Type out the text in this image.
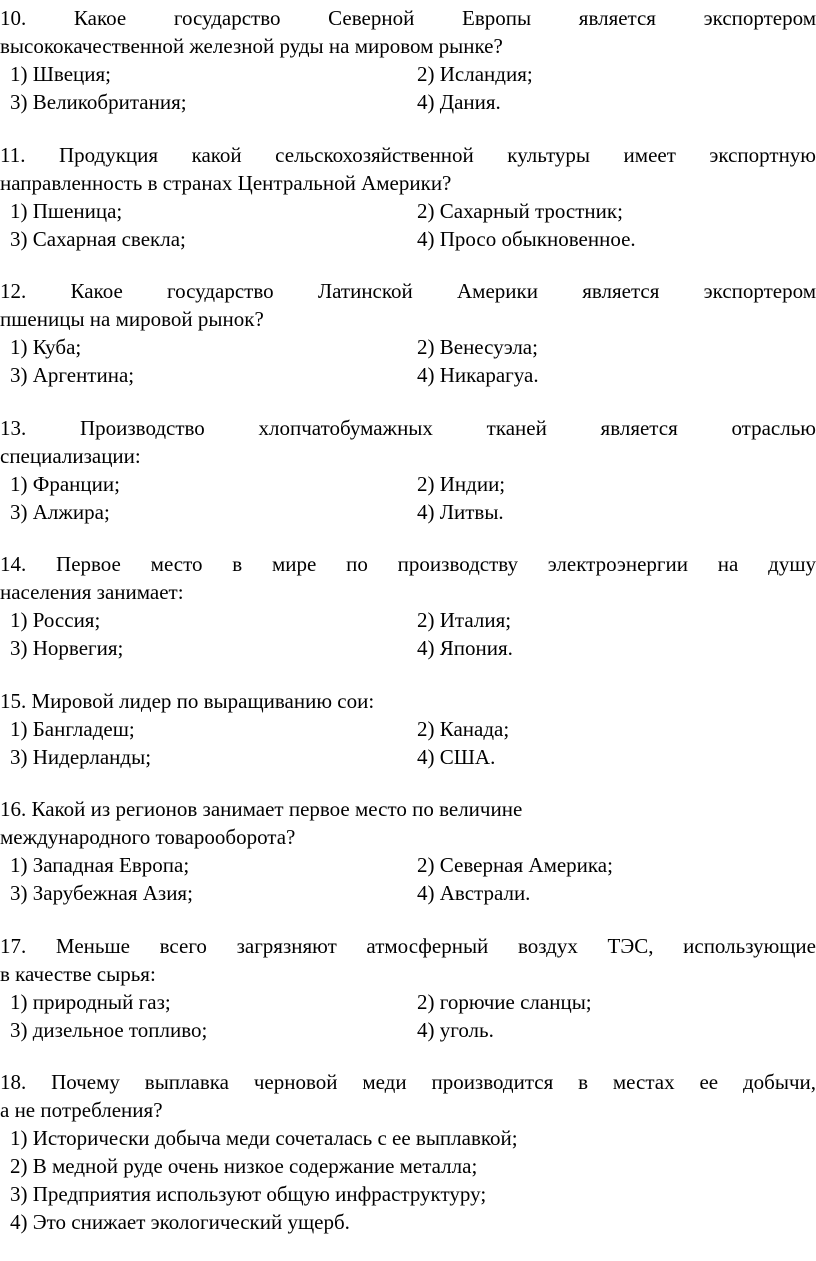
10. Какое государство Северной Европы является экспортером
высококачественной железной руды на мировом рынке?
1) Швеция;	2) Исландия;
3) Великобритания;	4) Дания.
11. Продукция какой сельскохозяйственной культуры имеет экспортную
направленность в странах Центральной Америки?
1) Пшеница;	2) Сахарный тростник;
3) Сахарная свекла;	4) Просо обыкновенное.
12. Какое государство Латинской Америки является экспортером
пшеницы на мировой рынок?
1) Куба;	2) Венесуэла;
3) Аргентина;	4) Никарагуа.
13. Производство хлопчатобумажных тканей является отраслью
специализации:
1) Франции;	2) Индии;
3) Алжира;	4) Литвы.
14. Первое место в мире по производству электроэнергии на душу
населения занимает:
1) Россия;	2) Италия;
3) Норвегия;	4) Япония.
15. Мировой лидер по выращиванию сои:
1) Бангладеш;	2) Канада;
3) Нидерланды;	4) США.
16. Какой из регионов занимает первое место по величине
международного товарооборота?
1) Западная Европа;	2) Северная Америка;
3) Зарубежная Азия;	4) Австрали.
17. Меньше всего загрязняют атмосферный воздух ТЭС, использующие
в качестве сырья:
1) природный газ;	2) горючие сланцы;
3) дизельное топливо;	4) уголь.
18. Почему выплавка черновой меди производится в местах ее добычи,
а не потребления?
1) Исторически добыча меди сочеталась с ее выплавкой;
2) В медной руде очень низкое содержание металла;
3) Предприятия используют общую инфраструктуру;
4) Это снижает экологический ущерб.
